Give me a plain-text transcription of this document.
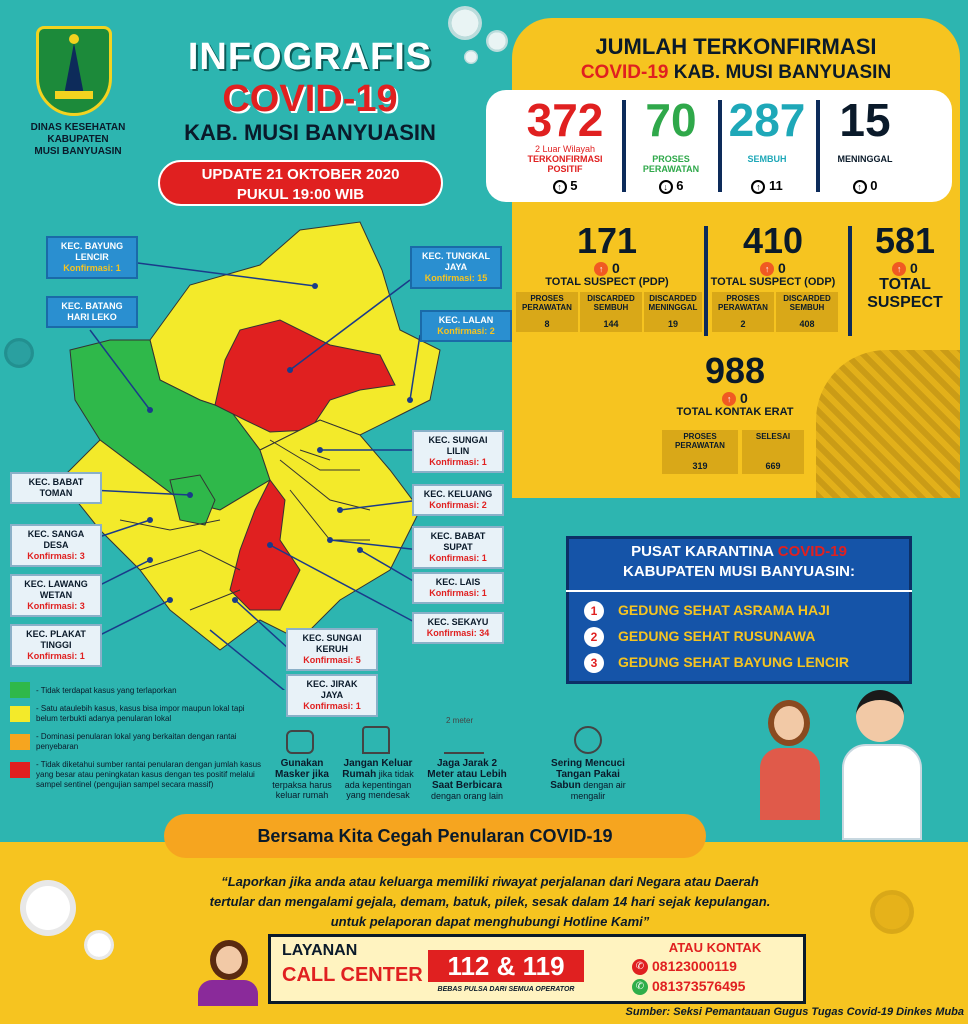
DINAS KESEHATAN
KABUPATEN
MUSI BANYUASIN
INFOGRAFIS
COVID-19
KAB. MUSI BANYUASIN
UPDATE 21 OKTOBER 2020
PUKUL 19:00 WIB
JUMLAH TERKONFIRMASI
COVID-19 KAB. MUSI BANYUASIN
372
2 Luar Wilayah
TERKONFIRMASI
POSITIF
↑ 5
70
PROSES
PERAWATAN
↓ 6
287
SEMBUH
↑ 11
15
MENINGGAL
↑ 0
171
↑ 0
TOTAL SUSPECT (PDP)
PROSES
PERAWATAN
8
DISCARDED
SEMBUH
144
DISCARDED
MENINGGAL
19
410
↑ 0
TOTAL SUSPECT (ODP)
PROSES
PERAWATAN
2
DISCARDED
SEMBUH
408
581
↑ 0
TOTAL
SUSPECT
988
↑ 0
TOTAL KONTAK ERAT
PROSES
PERAWATAN
319
SELESAI
669
PUSAT KARANTINA COVID-19
KABUPATEN MUSI BANYUASIN:
1 GEDUNG SEHAT ASRAMA HAJI
2 GEDUNG SEHAT RUSUNAWA
3 GEDUNG SEHAT BAYUNG LENCIR
KEC. BAYUNG
LENCIR
Konfirmasi: 1
KEC. BATANG
HARI LEKO
KEC. TUNGKAL
JAYA
Konfirmasi: 15
KEC. LALAN
Konfirmasi: 2
KEC. SUNGAI
LILIN
Konfirmasi: 1
KEC. KELUANG
Konfirmasi: 2
KEC. BABAT
SUPAT
Konfirmasi: 1
KEC. LAIS
Konfirmasi: 1
KEC. SEKAYU
Konfirmasi: 34
KEC. BABAT
TOMAN
KEC. SANGA
DESA
Konfirmasi: 3
KEC. LAWANG
WETAN
Konfirmasi: 3
KEC. PLAKAT
TINGGI
Konfirmasi: 1
KEC. SUNGAI
KERUH
Konfirmasi: 5
KEC. JIRAK
JAYA
Konfirmasi: 1
- Tidak terdapat kasus yang terlaporkan
- Satu ataulebih kasus, kasus bisa impor maupun lokal tapi belum terbukti adanya penularan lokal
- Dominasi penularan lokal yang berkaitan dengan rantai penyebaran
- Tidak diketahui sumber rantai penularan dengan jumlah kasus yang besar atau peningkatan kasus dengan tes positif melalui sampel sentinel (pengujian sampel secara massif)
Gunakan
Masker jika terpaksa harus keluar rumah
Jangan Keluar
Rumah jika tidak ada kepentingan yang mendesak
2 meter
Jaga Jarak 2
Meter atau Lebih Saat Berbicara dengan orang lain
Sering Mencuci
Tangan Pakai Sabun dengan air mengalir
Bersama Kita Cegah Penularan COVID-19
“Laporkan jika anda atau keluarga memiliki riwayat perjalanan dari Negara atau Daerah
tertular dan mengalami gejala, demam, batuk, pilek, sesak dalam 14 hari sejak kepulangan.
untuk pelaporan dapat menghubungi Hotline Kami”
LAYANAN
CALL CENTER 112 & 119
BEBAS PULSA DARI SEMUA OPERATOR
ATAU KONTAK
✆ 08123000119
✆ 081373576495
Sumber: Seksi Pemantauan Gugus Tugas Covid-19 Dinkes Muba
